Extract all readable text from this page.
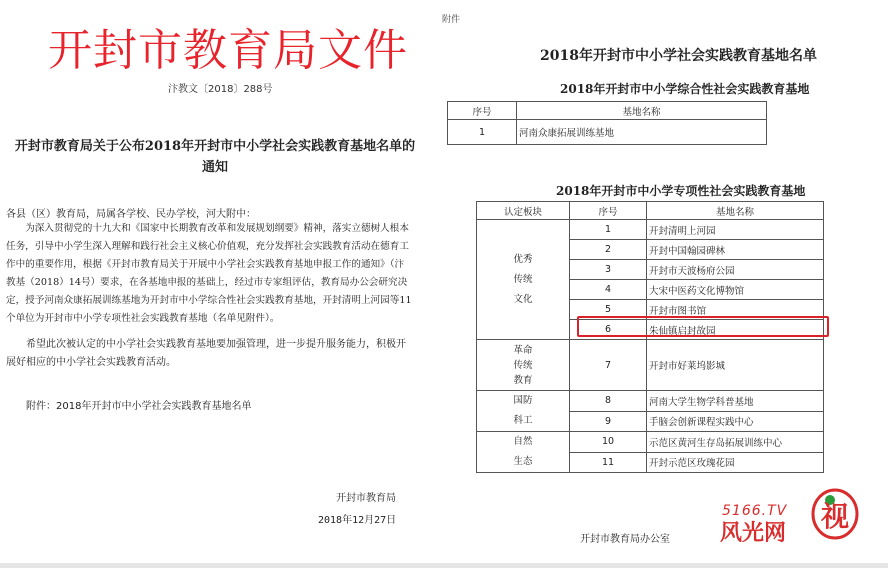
开封市教育局文件
汴教文〔2018〕288号
开封市教育局关于公布2018年开封市中小学社会实践教育基地名单的通知
各县（区）教育局，局属各学校、民办学校，河大附中：
为深入贯彻党的十九大和《国家中长期教育改革和发展规划纲要》精神，落实立德树人根本任务，引导中小学生深入理解和践行社会主义核心价值观，充分发挥社会实践教育活动在德育工作中的重要作用，根据《开封市教育局关于开展中小学社会实践教育基地申报工作的通知》（汴教基（2018）14号）要求，在各基地申报的基础上，经过市专家组评估，教育局办公会研究决定，授予河南众康拓展训练基地为开封市中小学综合性社会实践教育基地，开封清明上河园等11个单位为开封市中小学专项性社会实践教育基地（名单见附件）。
希望此次被认定的中小学社会实践教育基地要加强管理，进一步提升服务能力，积极开展好相应的中小学社会实践教育活动。
附件：2018年开封市中小学社会实践教育基地名单
开封市教育局
2018年12月27日
附件
2018年开封市中小学社会实践教育基地名单
2018年开封市中小学综合性社会实践教育基地
序号	基地名称
1	河南众康拓展训练基地
2018年开封市中小学专项性社会实践教育基地
认定板块	序号	基地名称
优秀
传统
文化	1	开封清明上河园
	2	开封中国翰园碑林
	3	开封市天波杨府公园
	4	大宋中医药文化博物馆
	5	开封市图书馆
	6	朱仙镇启封故园

革命
传统
教育	7	开封市好莱坞影城
国防
科工	8	河南大学生物学科普基地
	9	手脑会创新课程实践中心
自然
生态	10	示范区黄河生存岛拓展训练中心
	11	开封示范区玫瑰花园
开封市教育局办公室
5166.TV
风光网
视
